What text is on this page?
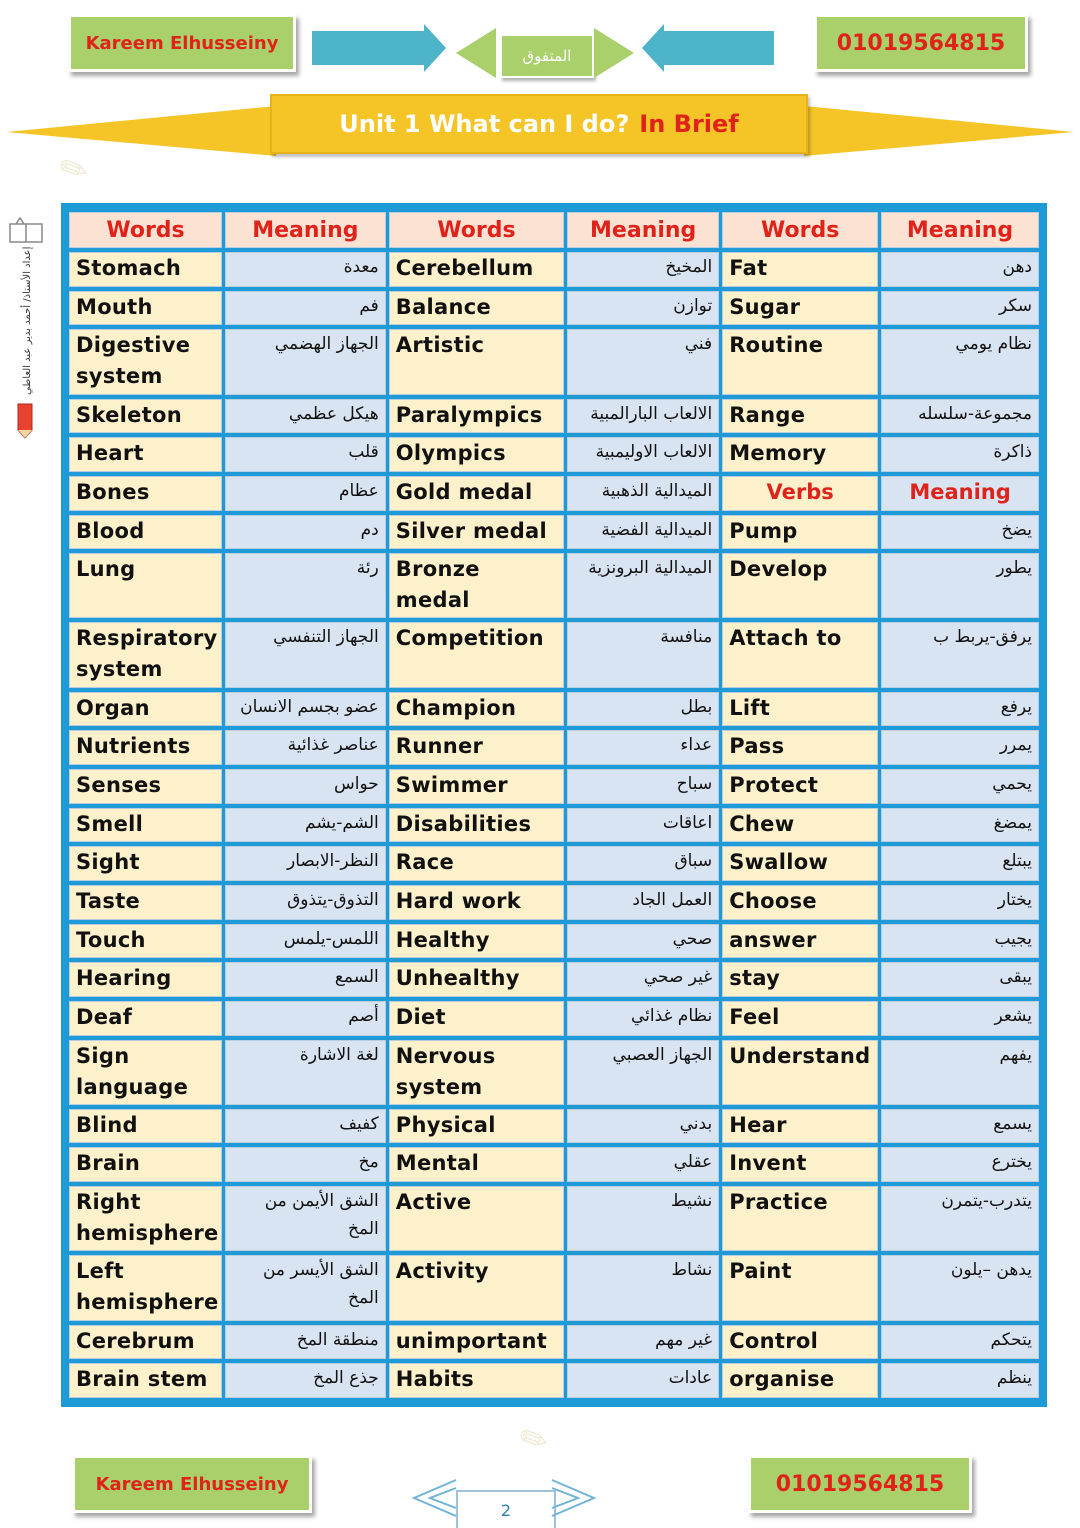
✎
✎
Kareem Elhusseiny
المتفوق
01019564815
Unit 1 What can I do? In Brief
إعداد الأستاذ/ أحمد بدير عبد العاطي
Words	Meaning	Words	Meaning	Words	Meaning
Stomach	معدة	Cerebellum	المخيخ	Fat	دهن
Mouth	فم	Balance	توازن	Sugar	سكر
Digestive system	الجهاز الهضمي	Artistic	فني	Routine	نظام يومي
Skeleton	هيكل عظمي	Paralympics	الالعاب البارالمبية	Range	مجموعة-سلسله
Heart	قلب	Olympics	الالعاب الاوليمبية	Memory	ذاكرة
Bones	عظام	Gold medal	الميدالية الذهبية	Verbs	Meaning
Blood	دم	Silver medal	الميدالية الفضية	Pump	يضخ
Lung	رئة	Bronze medal	الميدالية البرونزية	Develop	يطور
Respiratory system	الجهاز التنفسي	Competition	منافسة	Attach to	يرفق-يربط ب
Organ	عضو بجسم الانسان	Champion	بطل	Lift	يرفع
Nutrients	عناصر غذائية	Runner	عداء	Pass	يمرر
Senses	حواس	Swimmer	سباح	Protect	يحمي
Smell	الشم-يشم	Disabilities	اعاقات	Chew	يمضغ
Sight	النظر-الابصار	Race	سباق	Swallow	يبتلع
Taste	التذوق-يتذوق	Hard work	العمل الجاد	Choose	يختار
Touch	اللمس-يلمس	Healthy	صحي	answer	يجيب
Hearing	السمع	Unhealthy	غير صحي	stay	يبقى
Deaf	أصم	Diet	نظام غذائي	Feel	يشعر
Sign language	لغة الاشارة	Nervous system	الجهاز العصبي	Understand	يفهم
Blind	كفيف	Physical	بدني	Hear	يسمع
Brain	مخ	Mental	عقلي	Invent	يخترع
Right hemisphere	الشق الأيمن من المخ	Active	نشيط	Practice	يتدرب-يتمرن
Left hemisphere	الشق الأيسر من المخ	Activity	نشاط	Paint	يدهن –يلون
Cerebrum	منطقة المخ	unimportant	غير مهم	Control	يتحكم
Brain stem	جذع المخ	Habits	عادات	organise	ينظم
Kareem Elhusseiny
2
01019564815
